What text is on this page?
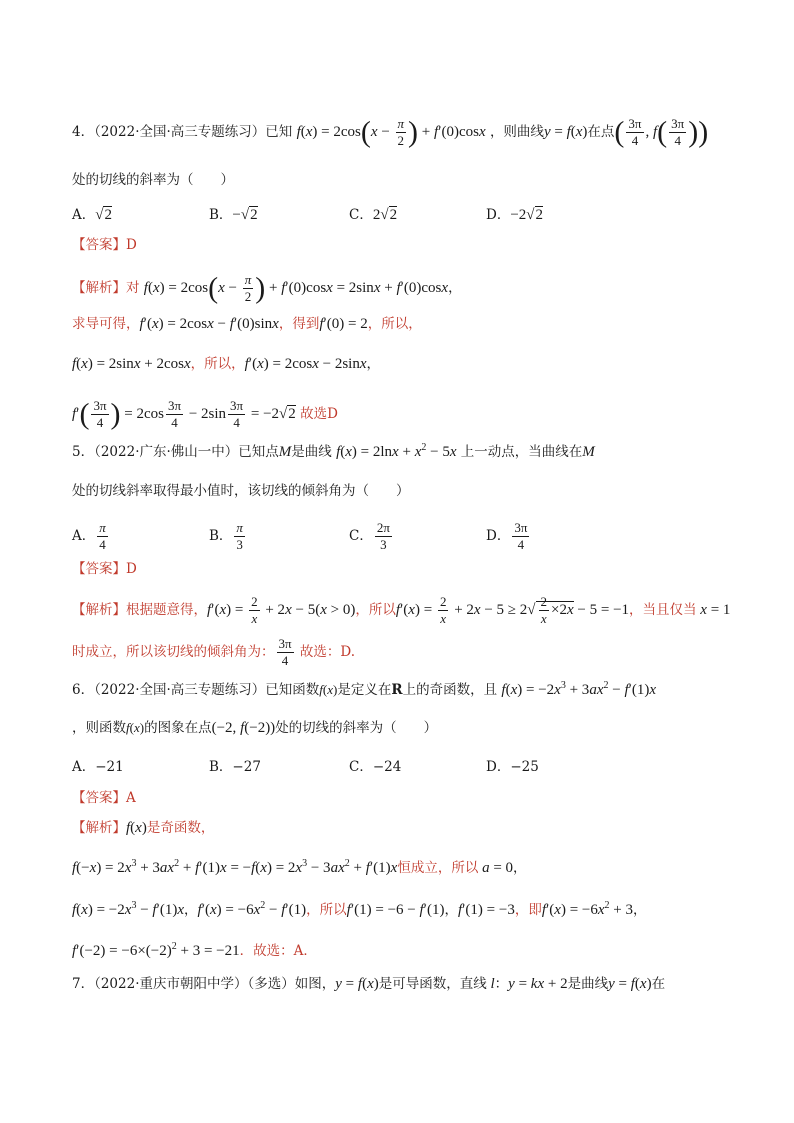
4．（2022·全国·高三专题练习）已知 $f(x) = 2\cos(x - \frac{\pi}{2}$ ) + f′(0)cosx ，则曲线y = f(x)在点( $\frac{3\pi}{4}$ , $f( \frac{3\pi}{4}$ ))
处的切线的斜率为（　　）
A．√2	B．−√2	C．2√2	D．−2√2
【答案】D
【解析】对 $f(x) = 2\cos(x - \frac{\pi}{2}$ ) + f′(0)cosx = 2sinx + f′(0)cosx，
求导可得，f′(x) = 2cosx − f′(0)sinx，得到f′(0) = 2，所以，
f(x) = 2sinx + 2cosx，所以，f′(x) = 2cosx − 2sinx，
$f'( \frac{3\pi}{4}$ ) = $2\cos \frac{3\pi}{4} - 2\sin \frac{3\pi}{4} = -2√2$ 故选D
5．（2022·广东·佛山一中）已知点M是曲线 $f(x) = 2\ln x + x^2 - 5x$ 上一动点，当曲线在M
处的切线斜率取得最小值时，该切线的倾斜角为（　　）
A． $\frac{\pi}{4}$	B． $\frac{\pi}{3}$	C． $\frac{2\pi}{3}$	D． $\frac{3\pi}{4}$
【答案】D
【解析】根据题意得，$f'(x) = \frac{2}{x} + 2x - 5(x > 0)$，所以$f'(x) = \frac{2}{x} + 2x - 5 \ge 2√ \frac{2}{x} \times 2x - 5 = -1$，当且仅当 x = 1
时成立，所以该切线的倾斜角为： $\frac{3\pi}{4}$ 故选：D.
6．（2022·全国·高三专题练习）已知函数f(x)是定义在R上的奇函数，且 $f(x) = -2x^3 + 3ax^2 - f'(1)x$
，则函数f(x)的图象在点(−2, f(−2))处的切线的斜率为（　　）
A．−21	B．−27	C．−24	D．−25
【答案】A
【解析】f(x)是奇函数，
$f(-x) = 2x^3 + 3ax^2 + f'(1)x = -f(x) = 2x^3 - 3ax^2 + f'(1)x$恒成立，所以 a = 0，
$f(x) = -2x^3 - f'(1)x$，$f'(x) = -6x^2 - f'(1)$，所以f′(1) = −6 − f′(1)，f′(1) = −3，即$f'(x) = -6x^2 + 3$，
$f'(-2) = -6\times(-2)^2 + 3 = -21$．故选：A．
7．（2022·重庆市朝阳中学）（多选）如图，y = f(x)是可导函数，直线 l：y = kx + 2是曲线y = f(x)在
